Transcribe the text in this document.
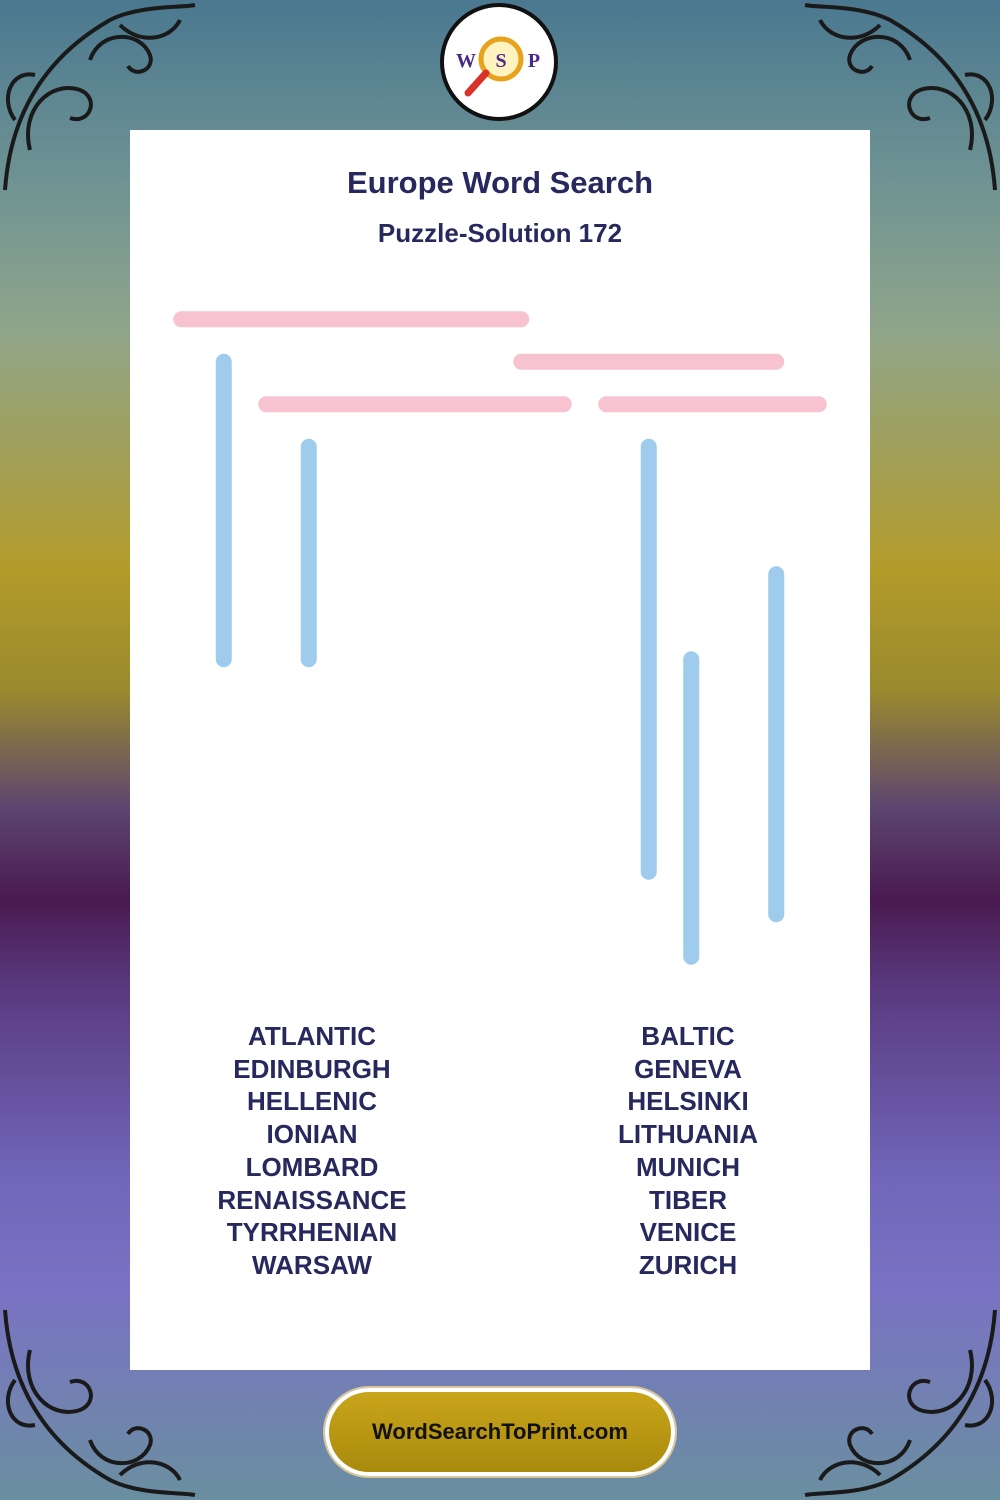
W S P
Europe Word Search
Puzzle-Solution 172
ATLANTIC
EDINBURGH
HELLENIC
IONIAN
LOMBARD
RENAISSANCE
TYRRHENIAN
WARSAW
BALTIC
GENEVA
HELSINKI
LITHUANIA
MUNICH
TIBER
VENICE
ZURICH
WordSearchToPrint.com
